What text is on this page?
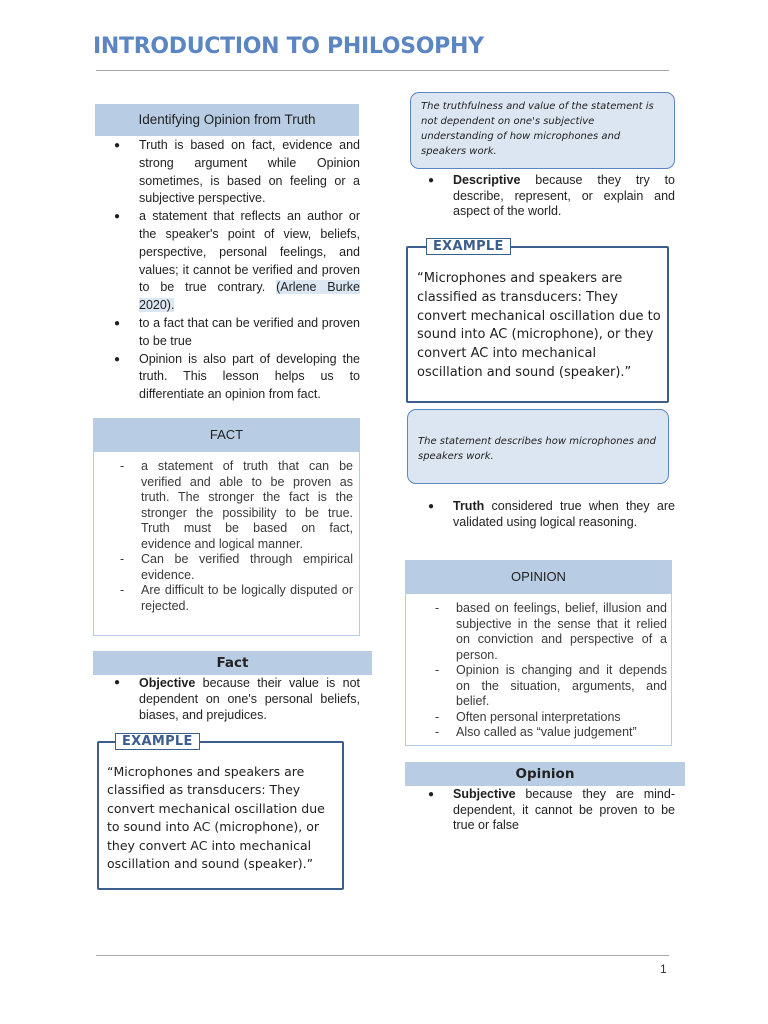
INTRODUCTION TO PHILOSOPHY
Identifying Opinion from Truth
● Truth is based on fact, evidence and strong argument while Opinion sometimes, is based on feeling or a subjective perspective.
● a statement that reflects an author or the speaker's point of view, beliefs, perspective, personal feelings, and values; it cannot be verified and proven to be true contrary. (Arlene Burke 2020).
● to a fact that can be verified and proven to be true
● Opinion is also part of developing the truth. This lesson helps us to differentiate an opinion from fact.
FACT
- a statement of truth that can be verified and able to be proven as truth. The stronger the fact is the stronger the possibility to be true. Truth must be based on fact, evidence and logical manner.
- Can be verified through empirical evidence.
- Are difficult to be logically disputed or rejected.
Fact
● Objective because their value is not dependent on one's personal beliefs, biases, and prejudices.
EXAMPLE
“Microphones and speakers are classified as transducers: They convert mechanical oscillation due to sound into AC (microphone), or they convert AC into mechanical oscillation and sound (speaker).”
The truthfulness and value of the statement is not dependent on one's subjective understanding of how microphones and speakers work.
● Descriptive because they try to describe, represent, or explain and aspect of the world.
EXAMPLE
“Microphones and speakers are classified as transducers: They convert mechanical oscillation due to sound into AC (microphone), or they convert AC into mechanical oscillation and sound (speaker).”
The statement describes how microphones and speakers work.
● Truth considered true when they are validated using logical reasoning.
OPINION
- based on feelings, belief, illusion and subjective in the sense that it relied on conviction and perspective of a person.
- Opinion is changing and it depends on the situation, arguments, and belief.
- Often personal interpretations
- Also called as “value judgement”
Opinion
● Subjective because they are mind- dependent, it cannot be proven to be true or false
1
